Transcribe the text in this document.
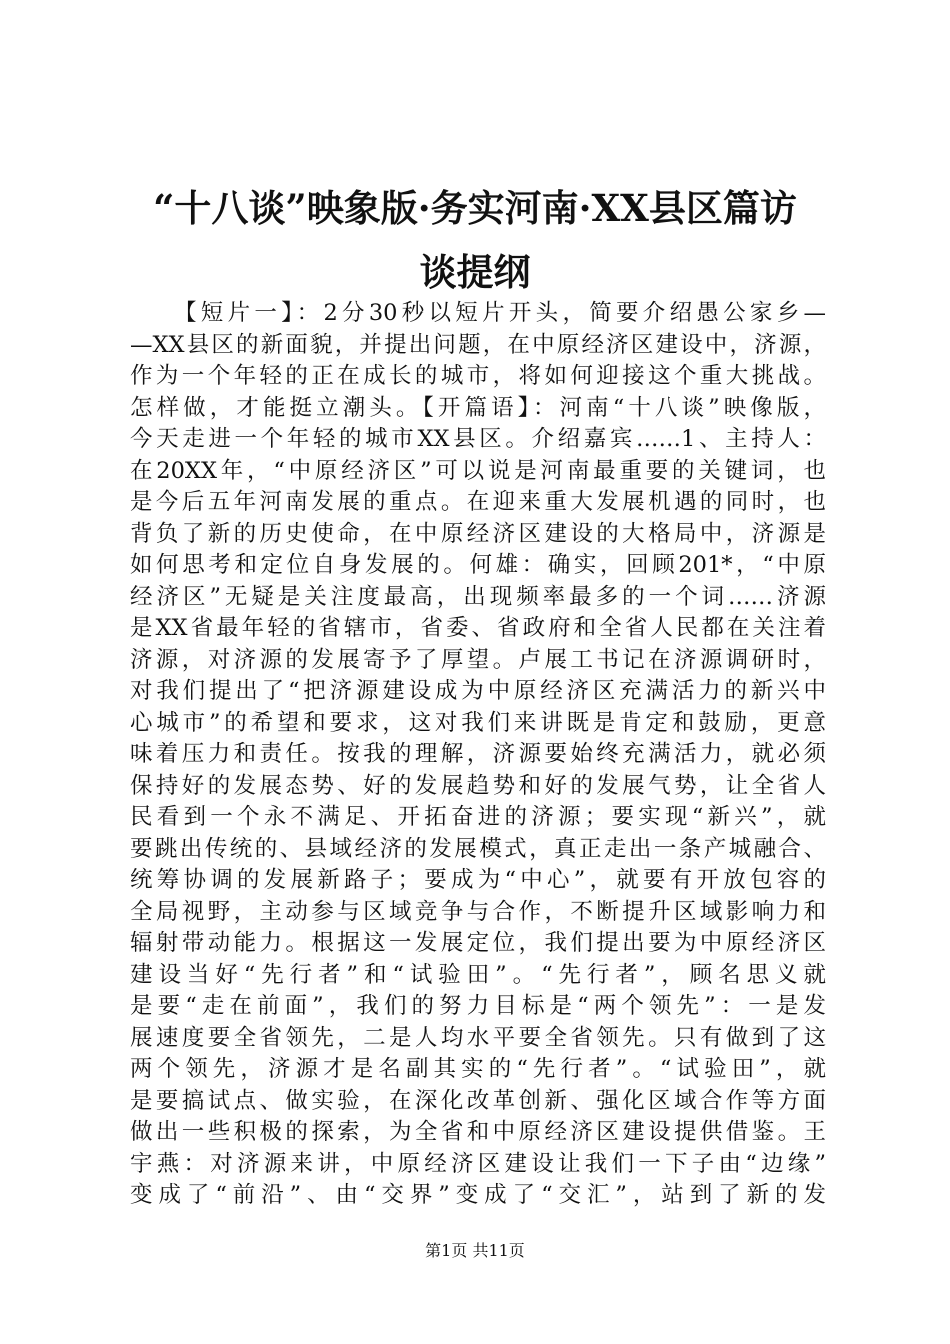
“十八谈”映象版·务实河南·XX县区篇访
谈提纲
【短片一】：2分30秒以短片开头，简要介绍愚公家乡—
—XX县区的新面貌，并提出问题，在中原经济区建设中，济源，
作为一个年轻的正在成长的城市，将如何迎接这个重大挑战。
怎样做，才能挺立潮头。【开篇语】：河南“十八谈”映像版，
今天走进一个年轻的城市XX县区。介绍嘉宾……1、主持人：
在20XX年，“中原经济区”可以说是河南最重要的关键词，也
是今后五年河南发展的重点。在迎来重大发展机遇的同时，也
背负了新的历史使命，在中原经济区建设的大格局中，济源是
如何思考和定位自身发展的。何雄：确实，回顾201*，“中原
经济区”无疑是关注度最高，出现频率最多的一个词……济源
是XX省最年轻的省辖市，省委、省政府和全省人民都在关注着
济源，对济源的发展寄予了厚望。卢展工书记在济源调研时，
对我们提出了“把济源建设成为中原经济区充满活力的新兴中
心城市”的希望和要求，这对我们来讲既是肯定和鼓励，更意
味着压力和责任。按我的理解，济源要始终充满活力，就必须
保持好的发展态势、好的发展趋势和好的发展气势，让全省人
民看到一个永不满足、开拓奋进的济源；要实现“新兴”，就
要跳出传统的、县域经济的发展模式，真正走出一条产城融合、
统筹协调的发展新路子；要成为“中心”，就要有开放包容的
全局视野，主动参与区域竞争与合作，不断提升区域影响力和
辐射带动能力。根据这一发展定位，我们提出要为中原经济区
建设当好“先行者”和“试验田”。“先行者”，顾名思义就
是要“走在前面”，我们的努力目标是“两个领先”：一是发
展速度要全省领先，二是人均水平要全省领先。只有做到了这
两个领先，济源才是名副其实的“先行者”。“试验田”，就
是要搞试点、做实验，在深化改革创新、强化区域合作等方面
做出一些积极的探索，为全省和中原经济区建设提供借鉴。王
宇燕：对济源来讲，中原经济区建设让我们一下子由“边缘”
变成了“前沿”、由“交界”变成了“交汇”，站到了新的发
第1页 共11页
